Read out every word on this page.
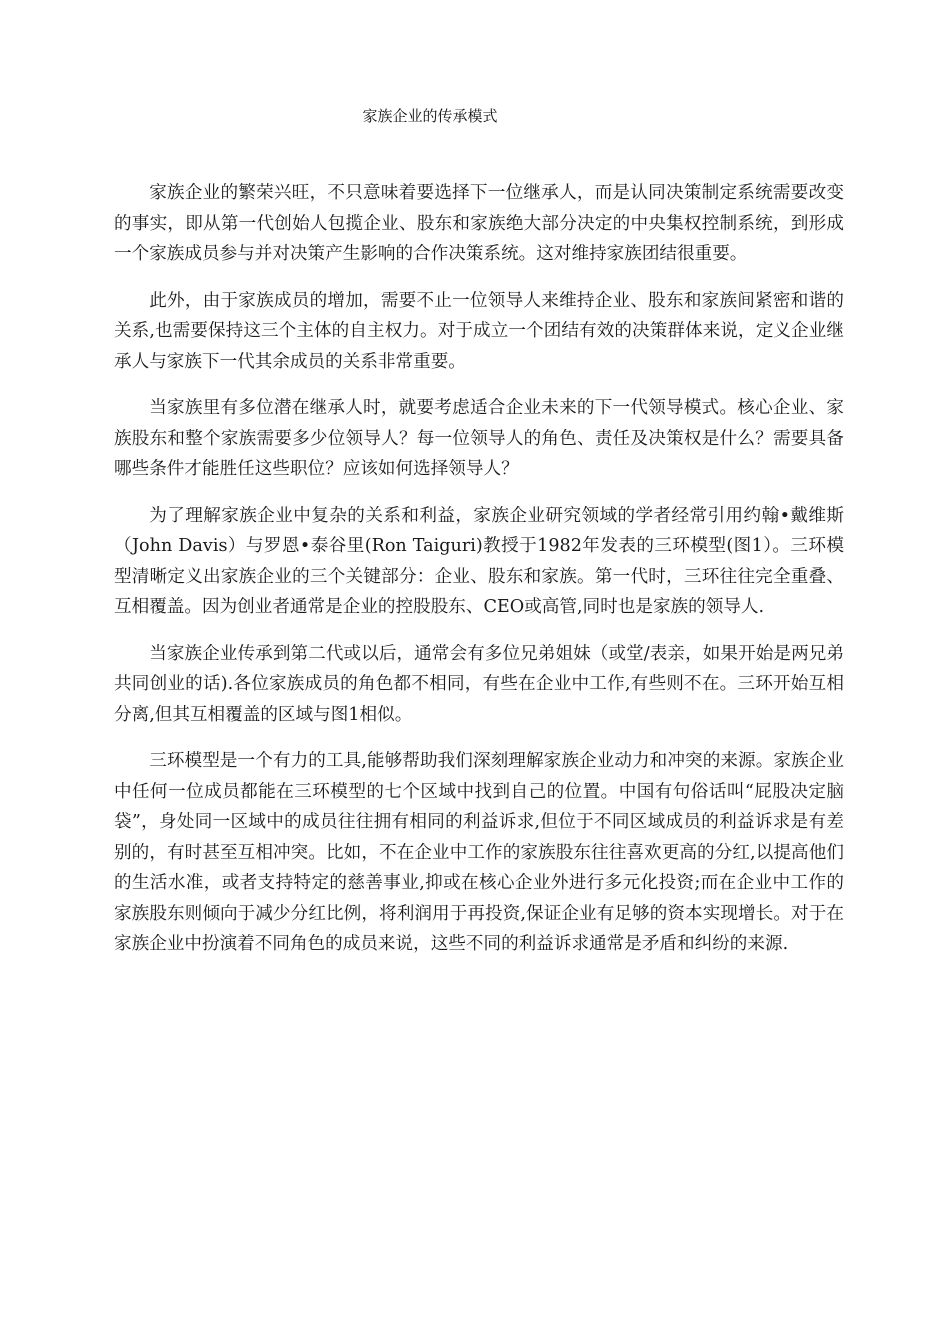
家族企业的传承模式

家族企业的繁荣兴旺，不只意味着要选择下一位继承人，而是认同决策制定系统需要改变的事实，即从第一代创始人包揽企业、股东和家族绝大部分决定的中央集权控制系统，到形成一个家族成员参与并对决策产生影响的合作决策系统。这对维持家族团结很重要。

此外，由于家族成员的增加，需要不止一位领导人来维持企业、股东和家族间紧密和谐的关系,也需要保持这三个主体的自主权力。对于成立一个团结有效的决策群体来说，定义企业继承人与家族下一代其余成员的关系非常重要。

当家族里有多位潜在继承人时，就要考虑适合企业未来的下一代领导模式。核心企业、家族股东和整个家族需要多少位领导人？每一位领导人的角色、责任及决策权是什么？需要具备哪些条件才能胜任这些职位？应该如何选择领导人？

为了理解家族企业中复杂的关系和利益，家族企业研究领域的学者经常引用约翰•戴维斯（John Davis）与罗恩•泰谷里(Ron Taiguri)教授于1982年发表的三环模型(图1）。三环模型清晰定义出家族企业的三个关键部分：企业、股东和家族。第一代时，三环往往完全重叠、互相覆盖。因为创业者通常是企业的控股股东、CEO或高管,同时也是家族的领导人.

当家族企业传承到第二代或以后，通常会有多位兄弟姐妹（或堂/表亲，如果开始是两兄弟共同创业的话).各位家族成员的角色都不相同，有些在企业中工作,有些则不在。三环开始互相分离,但其互相覆盖的区域与图1相似。

三环模型是一个有力的工具,能够帮助我们深刻理解家族企业动力和冲突的来源。家族企业中任何一位成员都能在三环模型的七个区域中找到自己的位置。中国有句俗话叫“屁股决定脑袋”，身处同一区域中的成员往往拥有相同的利益诉求,但位于不同区域成员的利益诉求是有差别的，有时甚至互相冲突。比如，不在企业中工作的家族股东往往喜欢更高的分红,以提高他们的生活水准，或者支持特定的慈善事业,抑或在核心企业外进行多元化投资;而在企业中工作的家族股东则倾向于减少分红比例，将利润用于再投资,保证企业有足够的资本实现增长。对于在家族企业中扮演着不同角色的成员来说，这些不同的利益诉求通常是矛盾和纠纷的来源.
